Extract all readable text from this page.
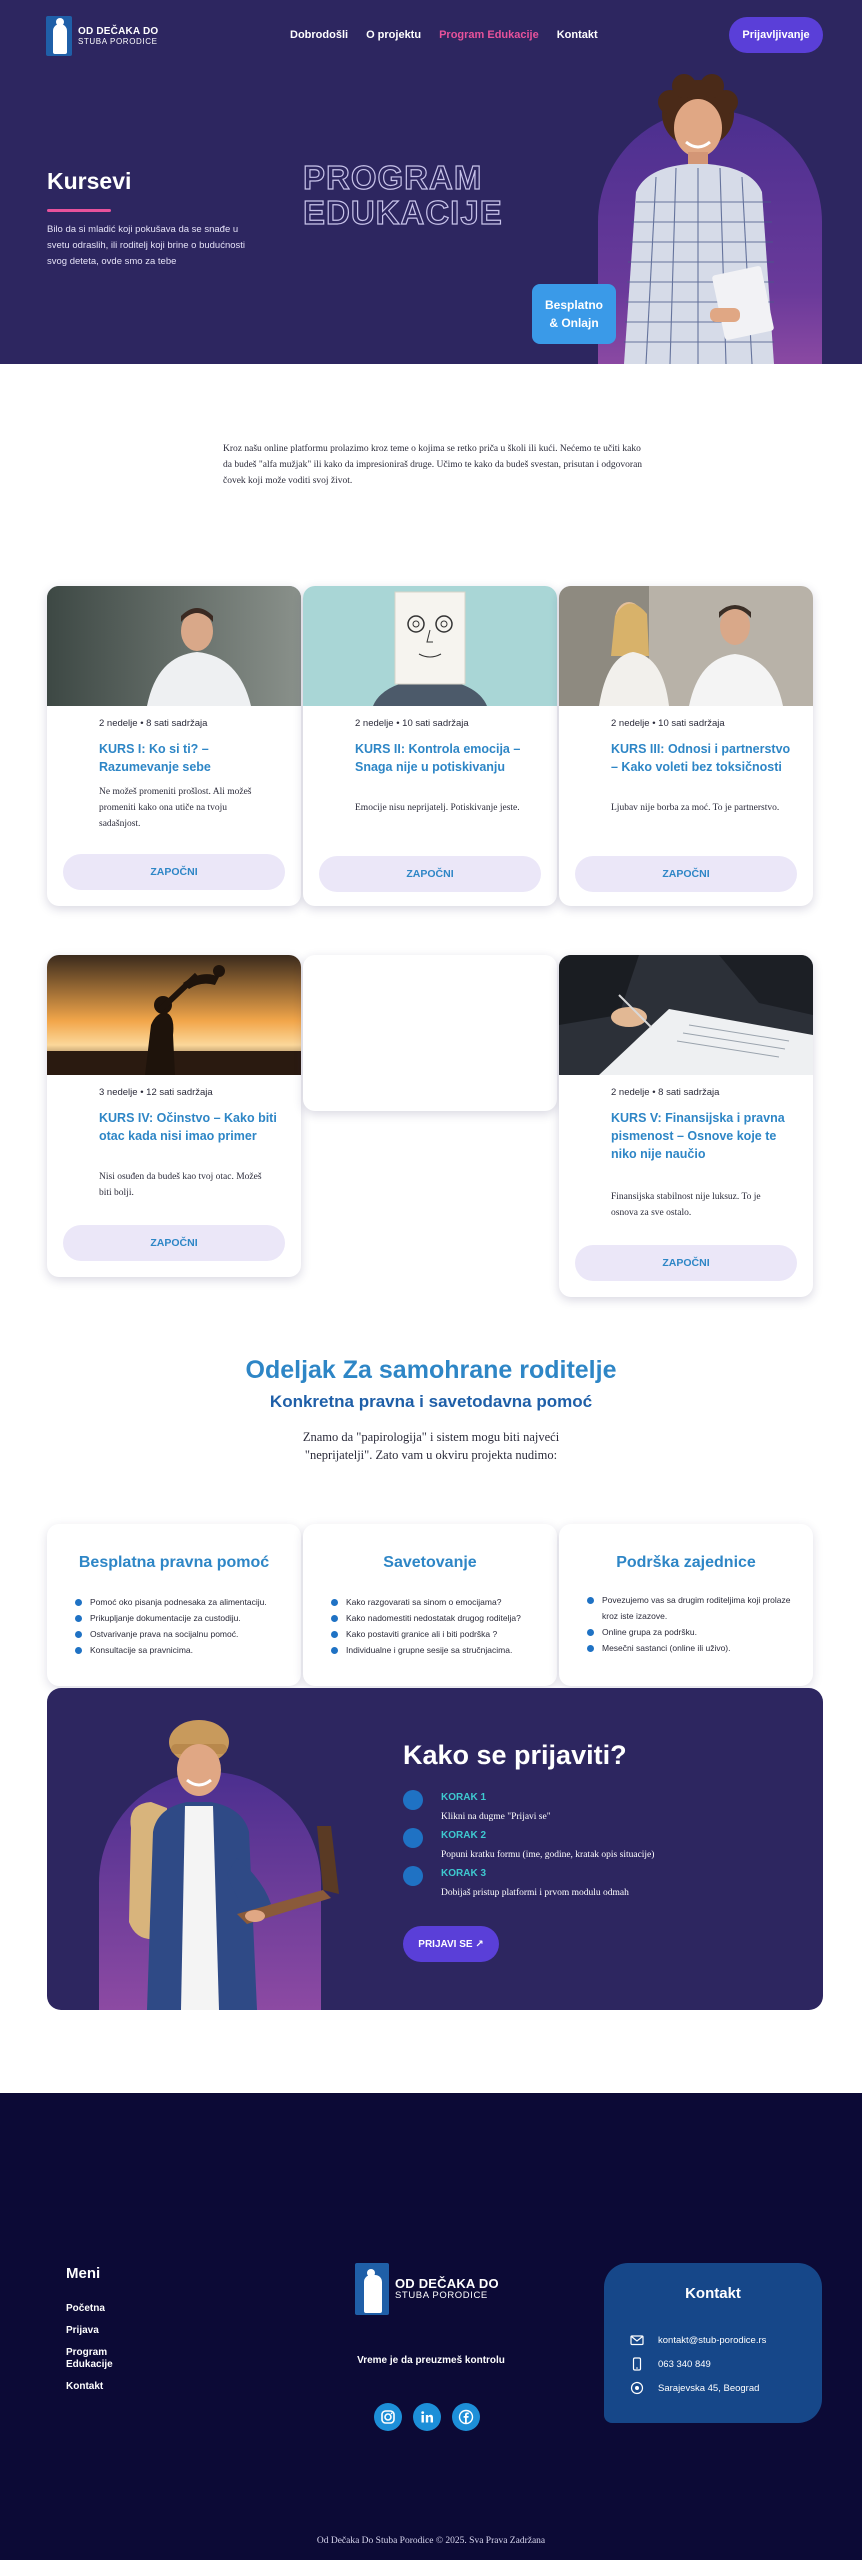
OD DEČAKA DO
STUBA PORODICE	Dobrodošli O projektu Program Edukacije Kontakt	Prijavljivanje
Kursevi

Bilo da si mladić koji pokušava da se snađe u svetu odraslih, ili roditelj koji brine o budućnosti svog deteta, ovde smo za tebe

PROGRAM
EDUKACIJE
Besplatno
& Onlajn

Kroz našu online platformu prolazimo kroz teme o kojima se retko priča u školi ili kući. Nećemo te učiti kako da budeš "alfa mužjak" ili kako da impresioniraš druge. Učimo te kako da budeš svestan, prisutan i odgovoran čovek koji može voditi svoj život.

2 nedelje • 8 sati sadržaja
KURS I: Ko si ti? – Razumevanje sebe
Ne možeš promeniti prošlost. Ali možeš promeniti kako ona utiče na tvoju sadašnjost.
ZAPOČNI
2 nedelje • 10 sati sadržaja
KURS II: Kontrola emocija – Snaga nije u potiskivanju
Emocije nisu neprijatelj. Potiskivanje jeste.
ZAPOČNI
2 nedelje • 10 sati sadržaja
KURS III: Odnosi i partnerstvo – Kako voleti bez toksičnosti
Ljubav nije borba za moć. To je partnerstvo.
ZAPOČNI
3 nedelje • 12 sati sadržaja
KURS IV: Očinstvo – Kako biti otac kada nisi imao primer
Nisi osuđen da budeš kao tvoj otac. Možeš biti bolji.
ZAPOČNI
2 nedelje • 8 sati sadržaja
KURS V: Finansijska i pravna pismenost – Osnove koje te niko nije naučio
Finansijska stabilnost nije luksuz. To je osnova za sve ostalo.
ZAPOČNI
Odeljak Za samohrane roditelje
Konkretna pravna i savetodavna pomoć

Znamo da "papirologija" i sistem mogu biti najveći "neprijatelji". Zato vam u okviru projekta nudimo:

Besplatna pravna pomoć
Pomoć oko pisanja podnesaka za alimentaciju.
Prikupljanje dokumentacije za custodiju.
Ostvarivanje prava na socijalnu pomoć.
Konsultacije sa pravnicima.
Savetovanje
Kako razgovarati sa sinom o emocijama?
Kako nadomestiti nedostatak drugog roditelja?
Kako postaviti granice ali i biti podrška ?
Individualne i grupne sesije sa stručnjacima.
Podrška zajednice
Povezujemo vas sa drugim roditeljima koji prolaze kroz iste izazove.
Online grupa za podršku.
Mesečni sastanci (online ili uživo).
Kako se prijaviti?
KORAK 1
Klikni na dugme "Prijavi se"
KORAK 2
Popuni kratku formu (ime, godine, kratak opis situacije)
KORAK 3
Dobijaš pristup platformi i prvom modulu odmah
PRIJAVI SE ↗
Meni
Početna
Prijava
Program Edukacije
Kontakt
OD DEČAKA DO
STUBA PORODICE
Vreme je da preuzmeš kontrolu
Kontakt
kontakt@stub-porodice.rs
063 340 849
Sarajevska 45, Beograd
Od Dečaka Do Stuba Porodice © 2025. Sva Prava Zadržana
